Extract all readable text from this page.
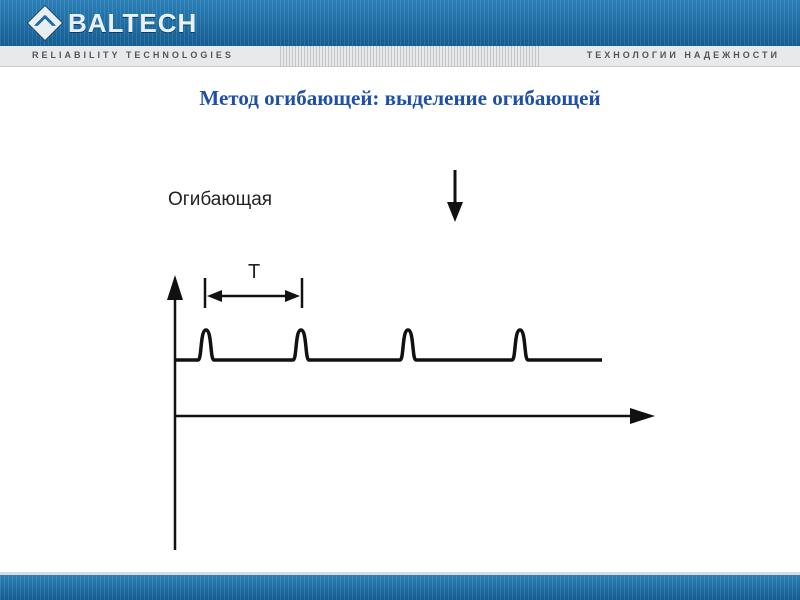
BALTECH
RELIABILITY TECHNOLOGIES	ТЕХНОЛОГИИ НАДЕЖНОСТИ
Метод огибающей: выделение огибающей
Огибающая
T
